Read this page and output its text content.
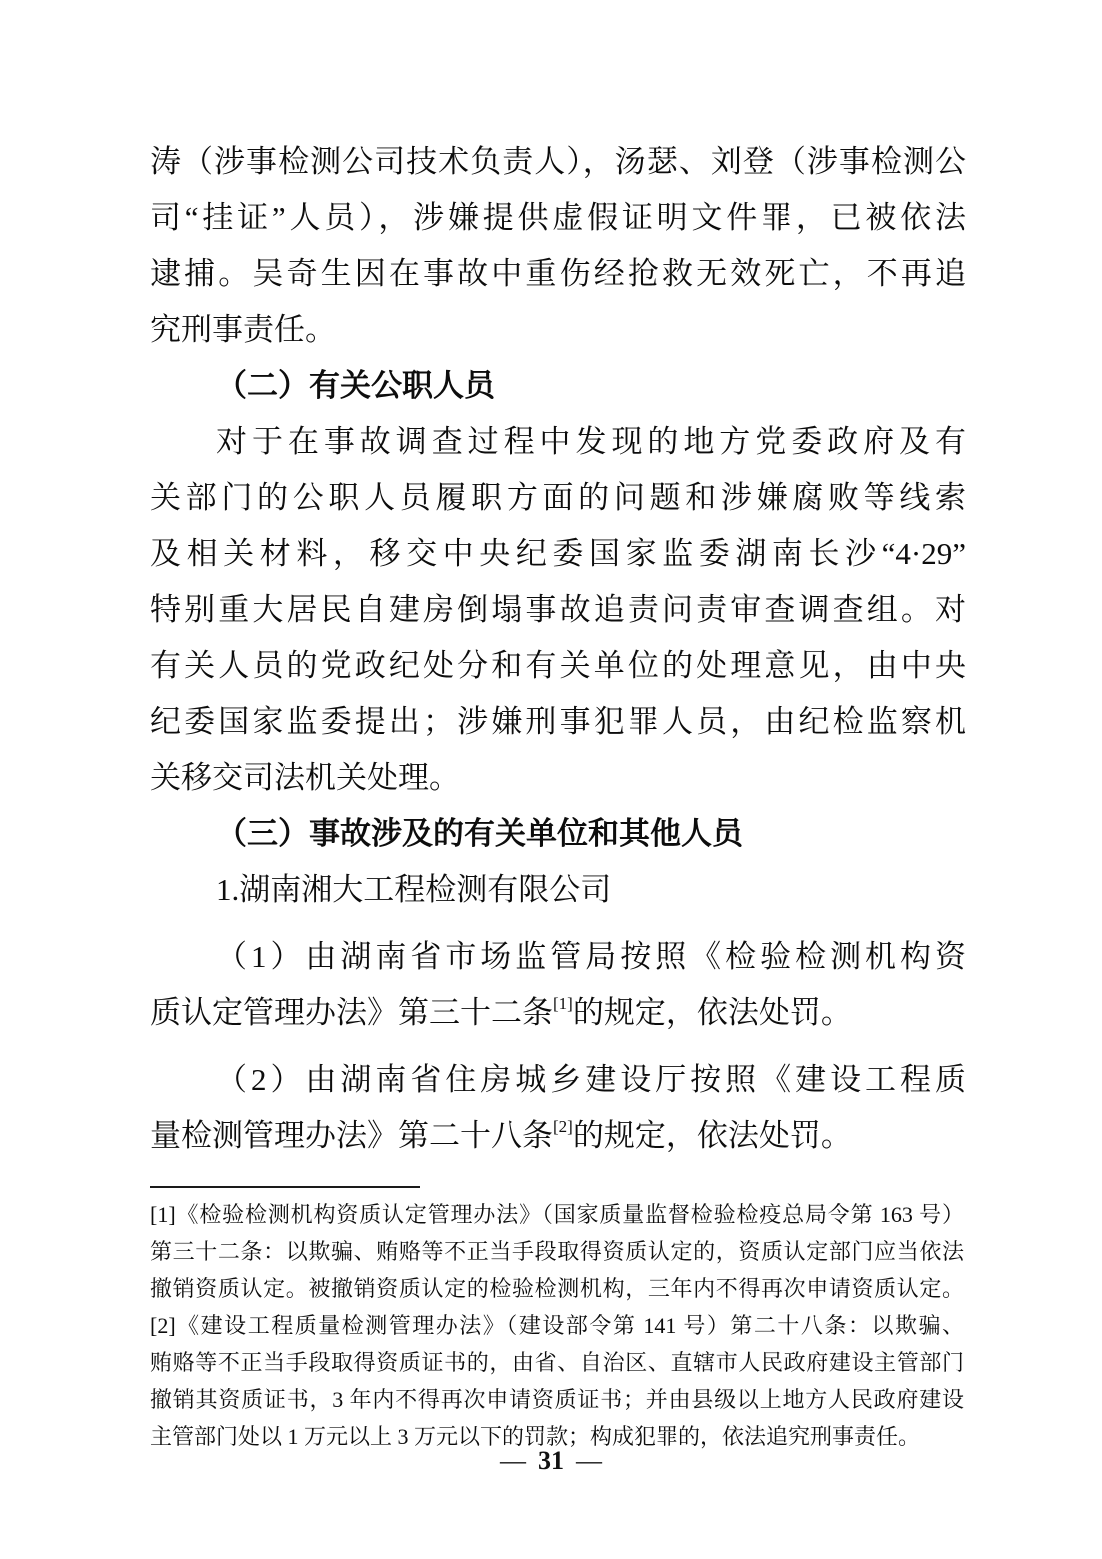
涛（涉事检测公司技术负责人），汤瑟、刘登（涉事检测公
司“挂证”人员），涉嫌提供虚假证明文件罪，已被依法
逮捕。吴奇生因在事故中重伤经抢救无效死亡，不再追
究刑事责任。
（二）有关公职人员
对于在事故调查过程中发现的地方党委政府及有
关部门的公职人员履职方面的问题和涉嫌腐败等线索
及相关材料，移交中央纪委国家监委湖南长沙“4·29”
特别重大居民自建房倒塌事故追责问责审查调查组。对
有关人员的党政纪处分和有关单位的处理意见，由中央
纪委国家监委提出；涉嫌刑事犯罪人员，由纪检监察机
关移交司法机关处理。
（三）事故涉及的有关单位和其他人员
1.湖南湘大工程检测有限公司
（1）由湖南省市场监管局按照《检验检测机构资
质认定管理办法》第三十二条[1]的规定，依法处罚。
（2）由湖南省住房城乡建设厅按照《建设工程质
量检测管理办法》第二十八条[2]的规定，依法处罚。
[1]《检验检测机构资质认定管理办法》（国家质量监督检验检疫总局令第 163 号）
第三十二条：以欺骗、贿赂等不正当手段取得资质认定的，资质认定部门应当依法
撤销资质认定。被撤销资质认定的检验检测机构，三年内不得再次申请资质认定。
[2]《建设工程质量检测管理办法》（建设部令第 141 号）第二十八条：以欺骗、
贿赂等不正当手段取得资质证书的，由省、自治区、直辖市人民政府建设主管部门
撤销其资质证书，3 年内不得再次申请资质证书；并由县级以上地方人民政府建设
主管部门处以 1 万元以上 3 万元以下的罚款；构成犯罪的，依法追究刑事责任。
— 31 —
